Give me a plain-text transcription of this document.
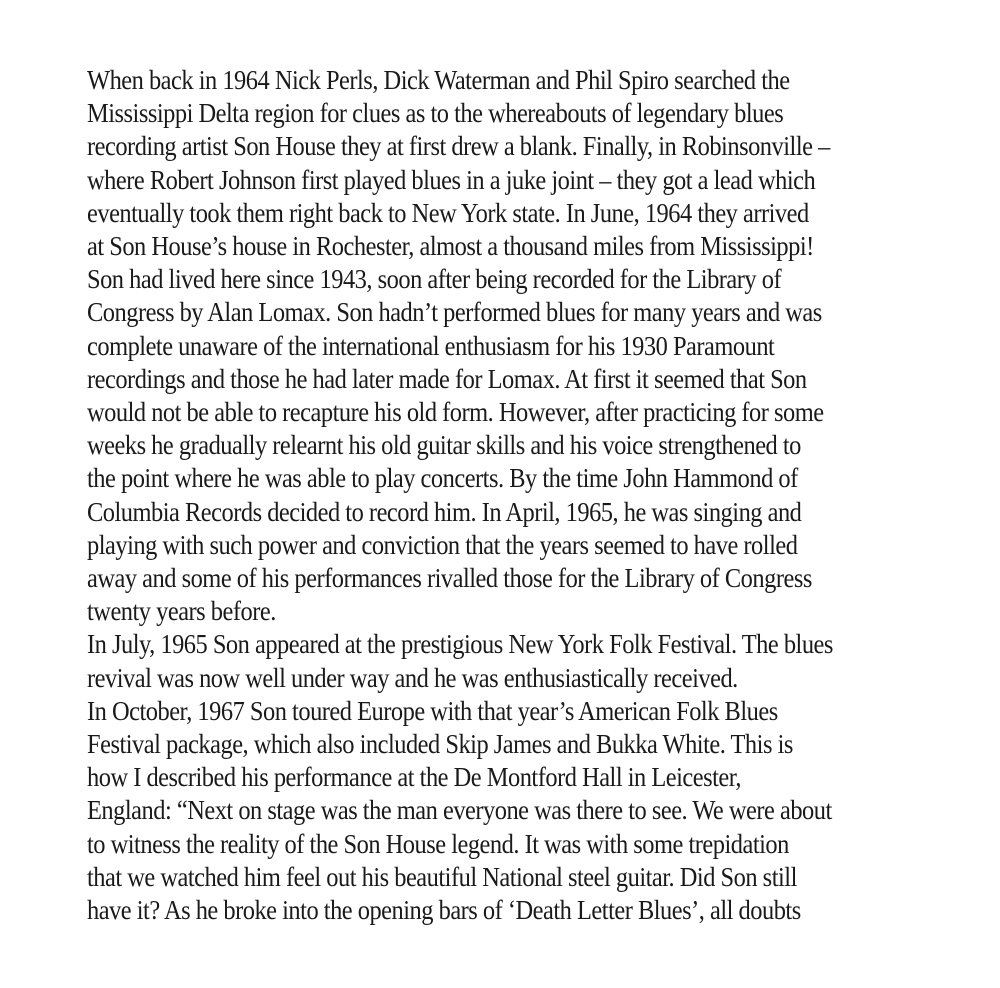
When back in 1964 Nick Perls, Dick Waterman and Phil Spiro searched the
Mississippi Delta region for clues as to the whereabouts of legendary blues
recording artist Son House they at first drew a blank. Finally, in Robinsonville –
where Robert Johnson first played blues in a juke joint – they got a lead which
eventually took them right back to New York state. In June, 1964 they arrived
at Son House’s house in Rochester, almost a thousand miles from Mississippi!
Son had lived here since 1943, soon after being recorded for the Library of
Congress by Alan Lomax. Son hadn’t performed blues for many years and was
complete unaware of the international enthusiasm for his 1930 Paramount
recordings and those he had later made for Lomax. At first it seemed that Son
would not be able to recapture his old form. However, after practicing for some
weeks he gradually relearnt his old guitar skills and his voice strengthened to
the point where he was able to play concerts. By the time John Hammond of
Columbia Records decided to record him. In April, 1965, he was singing and
playing with such power and conviction that the years seemed to have rolled
away and some of his performances rivalled those for the Library of Congress
twenty years before.
In July, 1965 Son appeared at the prestigious New York Folk Festival. The blues
revival was now well under way and he was enthusiastically received.
In October, 1967 Son toured Europe with that year’s American Folk Blues
Festival package, which also included Skip James and Bukka White. This is
how I described his performance at the De Montford Hall in Leicester,
England: “Next on stage was the man everyone was there to see. We were about
to witness the reality of the Son House legend. It was with some trepidation
that we watched him feel out his beautiful National steel guitar. Did Son still
have it? As he broke into the opening bars of ‘Death Letter Blues’, all doubts
